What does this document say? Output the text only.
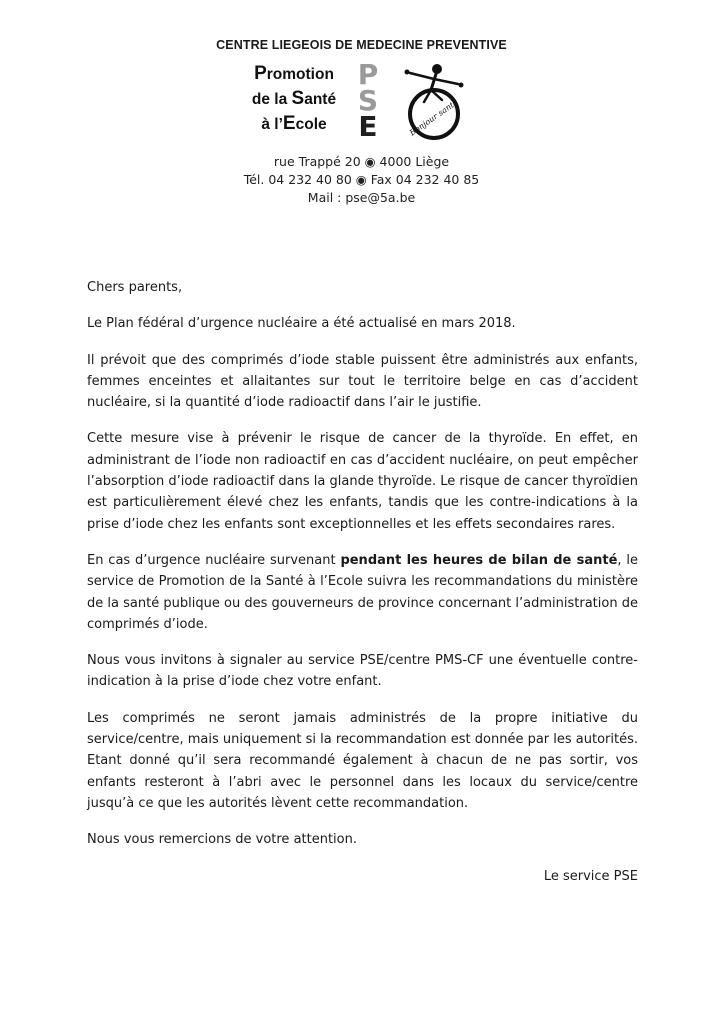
CENTRE LIEGEOIS DE MEDECINE PREVENTIVE
Promotion
de la Santé
à l’Ecole
P
S
E	Bonjour santé
rue Trappé 20 ◉ 4000 Liège
Tél. 04 232 40 80 ◉ Fax 04 232 40 85
Mail : pse@5a.be

Chers parents,

Le Plan fédéral d’urgence nucléaire a été actualisé en mars 2018.

Il prévoit que des comprimés d’iode stable puissent être administrés aux enfants, femmes enceintes et allaitantes sur tout le territoire belge en cas d’accident nucléaire, si la quantité d’iode radioactif dans l’air le justifie.

Cette mesure vise à prévenir le risque de cancer de la thyroïde. En effet, en administrant de l’iode non radioactif en cas d’accident nucléaire, on peut empêcher l’absorption d’iode radioactif dans la glande thyroïde. Le risque de cancer thyroïdien est particulièrement élevé chez les enfants, tandis que les contre-indications à la prise d’iode chez les enfants sont exceptionnelles et les effets secondaires rares.

En cas d’urgence nucléaire survenant pendant les heures de bilan de santé, le service de Promotion de la Santé à l’Ecole suivra les recommandations du ministère de la santé publique ou des gouverneurs de province concernant l’administration de comprimés d’iode.

Nous vous invitons à signaler au service PSE/centre PMS-CF une éventuelle contre-indication à la prise d’iode chez votre enfant.

Les comprimés ne seront jamais administrés de la propre initiative du service/centre, mais uniquement si la recommandation est donnée par les autorités. Etant donné qu’il sera recommandé également à chacun de ne pas sortir, vos enfants resteront à l’abri avec le personnel dans les locaux du service/centre jusqu’à ce que les autorités lèvent cette recommandation.

Nous vous remercions de votre attention.

Le service PSE
